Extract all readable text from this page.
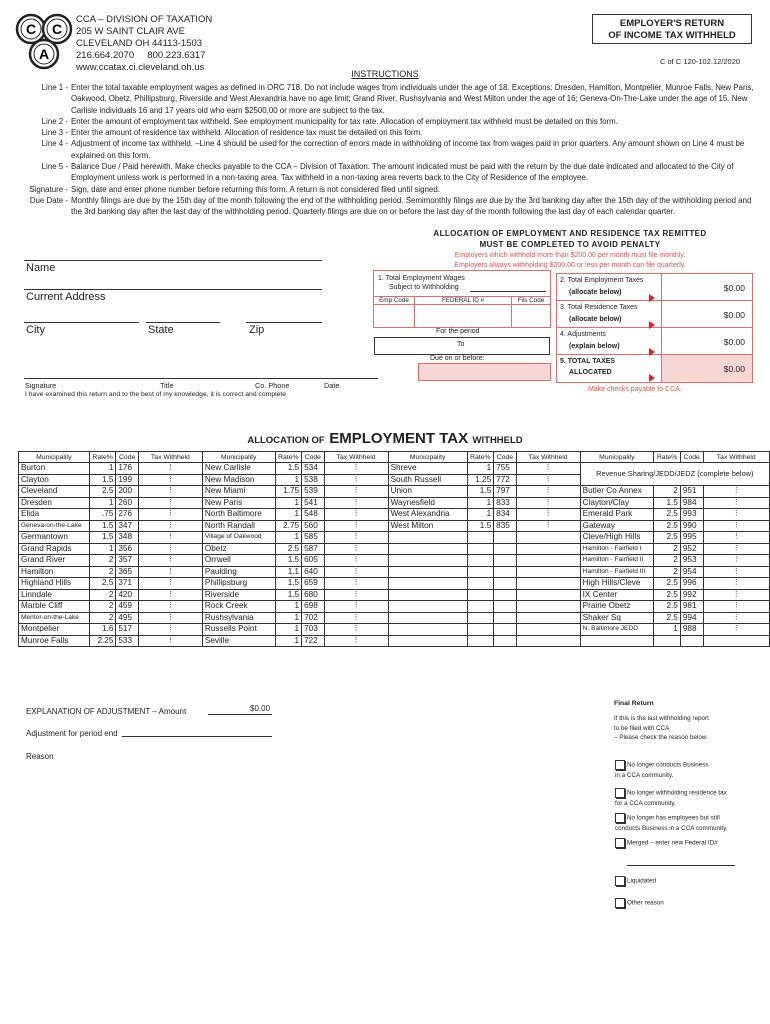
C C
A
CCA – DIVISION OF TAXATION
205 W SAINT CLAIR AVE
CLEVELAND OH 44113-1503
216.664.2070     800.223.6317
www.ccatax.ci.cleveland.oh.us
EMPLOYER'S RETURN
OF INCOME TAX WITHHELD
C of C 120-102.12/2020
INSTRUCTIONS
Line 1 - Enter the total taxable employment wages as defined in ORC 718. Do not include wages from individuals under the age of 18. Exceptions: Dresden, Hamilton, Montpelier, Munroe Falls, New Paris, Oakwood, Obetz, Phillipsburg, Riverside and West Alexandria have no age limit; Grand River, Rushsylvania and West Milton under the age of 16; Geneva-On-The-Lake under the age of 15. New Carlisle individuals 16 and 17 years old who earn $2500.00 or more are subject to the tax.
Line 2 - Enter the amount of employment tax withheld. See employment municipality for tax rate. Allocation of employment tax withheld must be detailed on this form.
Line 3 - Enter the amount of residence tax withheld. Allocation of residence tax must be detailed on this form.
Line 4 - Adjustment of income tax withheld. –Line 4 should be used for the correction of errors made in withholding of income tax from wages paid in prior quarters. Any amount shown on Line 4 must be explained on this form.
Line 5 - Balance Due / Paid herewith. Make checks payable to the CCA – Division of Taxation. The amount indicated must be paid with the return by the due date indicated and allocated to the City of Employment unless work is performed in a non-taxing area. Tax withheld in a non-taxing area reverts back to the City of Residence of the employee.
Signature - Sign, date and enter phone number before returning this form. A return is not considered filed until signed.
Due Date - Monthly filings are due by the 15th day of the month following the end of the withholding period. Semimonthly filings are due by the 3rd banking day after the 15th day of the withholding period and the 3rd banking day after the last day of the withholding period. Quarterly filings are due on or before the last day of the month following the last day of each calendar quarter.
ALLOCATION OF EMPLOYMENT AND RESIDENCE TAX REMITTED
MUST BE COMPLETED TO AVOID PENALTY
Employers which withhold more than $200.00 per month must file monthly.
Employers always withholding $200.00 or less per month can file quarterly.
Name
Current Address
City	State	Zip
1. Total Employment Wages
Subject to Withholding
Emp Code	FEDERAL ID #	Fils Code
For the period
To
Due on or before:
2. Total Employment Taxes
(allocate below)	$0.00
3. Total Residence Taxes
(allocate below)	$0.00
4. Adjustments
(explain below)	$0.00
5. TOTAL TAXES
ALLOCATED	$0.00
Make checks payable to CCA.
Signature	Title	Co. Phone	Date
I have examined this return and to the best of my knowledge, it is correct and complete
ALLOCATION OF EMPLOYMENT TAX WITHHELD
Municipality	Rate%	Code	Tax Withheld	Municipality	Rate%	Code	Tax Withheld	Municipality	Rate%	Code	Tax Withheld	Municipality	Rate%	Code	Tax Withheld
Burton	1	176	⋮	New Carlisle	1.5	534	⋮	Shreve	1	755	⋮	Revenue Sharing/JEDD/JEDZ (complete below)			
Clayton	1.5	199	⋮	New Madison	1	538	⋮	South Russell	1.25	772	⋮				
Cleveland	2.5	200	⋮	New Miami	1.75	539	⋮	Union	1.5	797	⋮	Butler Co Annex	2	951	⋮
Dresden	1	260	⋮	New Paris	1	541	⋮	Waynesfield	1	833	⋮	Clayton/Clay	1.5	984	⋮
Elida	.75	276	⋮	North Baltimore	1	548	⋮	West Alexandria	1	834	⋮	Emerald Park	2.5	993	⋮
Geneva-on-the-Lake	1.5	347	⋮	North Randall	2.75	560	⋮	West Milton	1.5	835	⋮	Gateway	2.5	990	⋮
Germantown	1.5	348	⋮	Village of Oakwood	1	585	⋮					Cleve/High Hills	2.5	995	⋮
Grand Rapids	1	356	⋮	Obetz	2.5	587	⋮					Hamilton - Fairfield I	2	952	⋮
Grand River	2	357	⋮	Orrwell	1.5	605	⋮					Hamilton - Fairfield II	2	953	⋮
Hamilton	2	365	⋮	Paulding	1.1	640	⋮					Hamilton - Fairfield III	2	954	⋮
Highland Hills	2.5	371	⋮	Phillipsburg	1.5	659	⋮					High Hills/Cleve	2.5	996	⋮
Linndale	2	420	⋮	Riverside	1.5	680	⋮					IX Center	2.5	992	⋮
Marble Cliff	2	459	⋮	Rock Creek	1	698	⋮					Prairie Obetz	2.5	981	⋮
Mentor-on-the-Lake	2	495	⋮	Rushsylvania	1	702	⋮					Shaker Sq	2.5	994	⋮
Montpelier	1.6	517	⋮	Russells Point	1	703	⋮					N. Baltimore JEDD	1	988	⋮
Munroe Falls	2.25	533	⋮	Seville	1	722	⋮								
EXPLANATION OF ADJUSTMENT – Amount	$0.00
Adjustment for period end
Reason
Final Return
If this is the last withholding report
to be filed with CCA
– Please check the reason below.
No longer conducts Business
in a CCA community.
No longer withholding residence tax
for a CCA community.
No longer has employees but still
conducts Business in a CCA community.
Merged – enter new Federal ID#
Liquidated
Other reason
